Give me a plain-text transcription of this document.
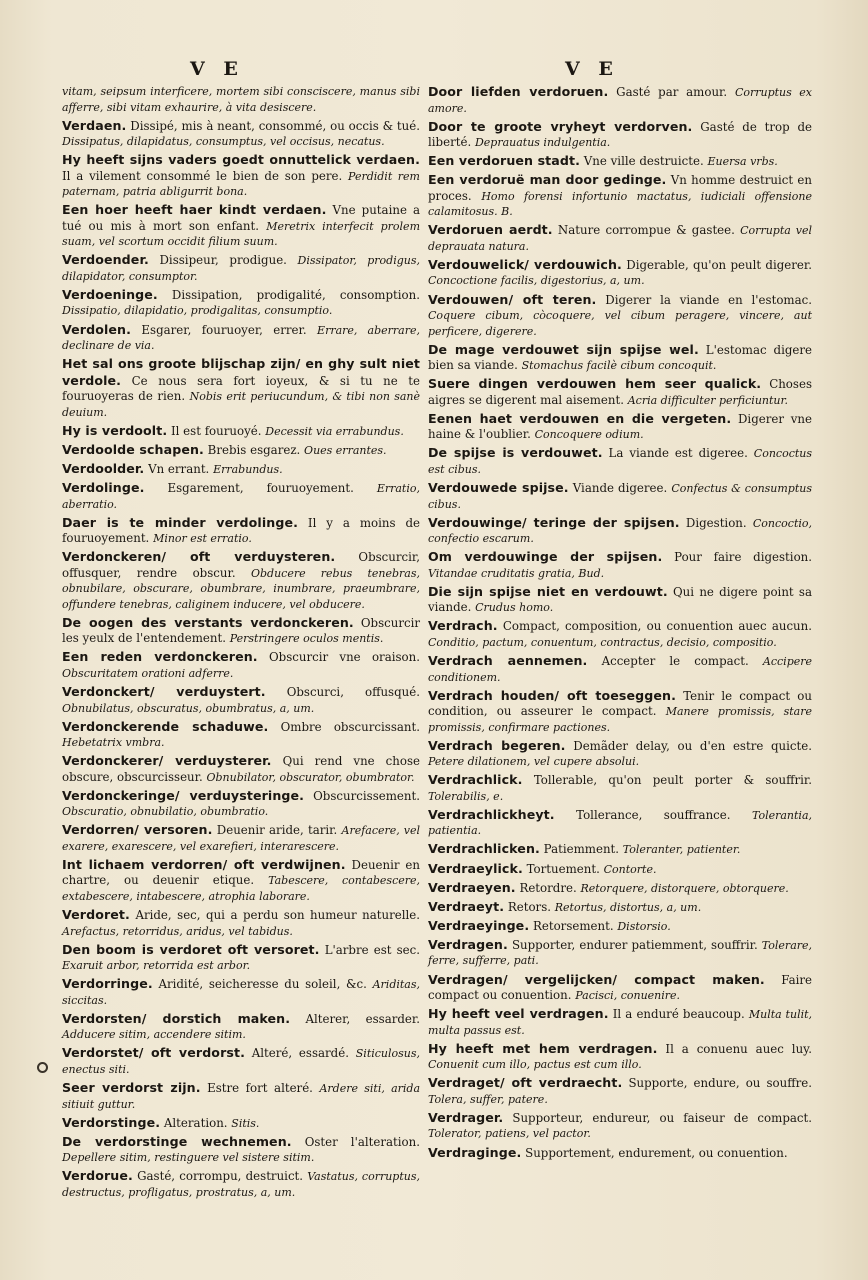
V E	V E
vitam, seipsum interficere, mortem sibi consciscere, manus sibi afferre, sibi vitam exhaurire, à vita desiscere.
Verdaen. Dissipé, mis à neant, consommé, ou occis & tué. Dissipatus, dilapidatus, consumptus, vel occisus, necatus.
Hy heeft sijns vaders goedt onnuttelick verdaen. Il a vilement consommé le bien de son pere. Perdidit rem paternam, patria abligurrit bona.
Een hoer heeft haer kindt verdaen. Vne putaine a tué ou mis à mort son enfant. Meretrix interfecit prolem suam, vel scortum occidit filium suum.
Verdoender. Dissipeur, prodigue. Dissipator, prodigus, dilapidator, consumptor.
Verdoeninge. Dissipation, prodigalité, consomption. Dissipatio, dilapidatio, prodigalitas, consumptio.
Verdolen. Esgarer, fouruoyer, errer. Errare, aberrare, declinare de via.
Het sal ons groote blijschap zijn/ en ghy sult niet verdole. Ce nous sera fort ioyeux, & si tu ne te fouruoyeras de rien. Nobis erit periucundum, & tibi non sanè deuium.
Hy is verdoolt. Il est fouruoyé. Decessit via errabundus.
Verdoolde schapen. Brebis esgarez. Oues errantes.
Verdoolder. Vn errant. Errabundus.
Verdolinge. Esgarement, fouruoyement. Erratio, aberratio.
Daer is te minder verdolinge. Il y a moins de fouruoyement. Minor est erratio.
Verdonckeren/ oft verduysteren. Obscurcir, offusquer, rendre obscur. Obducere rebus tenebras, obnubilare, obscurare, obumbrare, inumbrare, praeumbrare, offundere tenebras, caliginem inducere, vel obducere.
De oogen des verstants verdonckeren. Obscurcir les yeulx de l'entendement. Perstringere oculos mentis.
Een reden verdonckeren. Obscurcir vne oraison. Obscuritatem orationi adferre.
Verdonckert/ verduystert. Obscurci, offusqué. Obnubilatus, obscuratus, obumbratus, a, um.
Verdonckerende schaduwe. Ombre obscurcissant. Hebetatrix vmbra.
Verdonckerer/ verduysterer. Qui rend vne chose obscure, obscurcisseur. Obnubilator, obscurator, obumbrator.
Verdonckeringe/ verduysteringe. Obscurcissement. Obscuratio, obnubilatio, obumbratio.
Verdorren/ versoren. Deuenir aride, tarir. Arefacere, vel exarere, exarescere, vel exarefieri, interarescere.
Int lichaem verdorren/ oft verdwijnen. Deuenir en chartre, ou deuenir etique. Tabescere, contabescere, extabescere, intabescere, atrophia laborare.
Verdoret. Aride, sec, qui a perdu son humeur naturelle. Arefactus, retorridus, aridus, vel tabidus.
Den boom is verdoret oft versoret. L'arbre est sec. Exaruit arbor, retorrida est arbor.
Verdorringe. Aridité, seicheresse du soleil, &c. Ariditas, siccitas.
Verdorsten/ dorstich maken. Alterer, essarder. Adducere sitim, accendere sitim.
Verdorstet/ oft verdorst. Alteré, essardé. Siticulosus, enectus siti.
Seer verdorst zijn. Estre fort alteré. Ardere siti, arida sitiuit guttur.
Verdorstinge. Alteration. Sitis.
De verdorstinge wechnemen. Oster l'alteration. Depellere sitim, restinguere vel sistere sitim.
Verdorue. Gasté, corrompu, destruict. Vastatus, corruptus, destructus, profligatus, prostratus, a, um.
Door liefden verdoruen. Gasté par amour. Corruptus ex amore.
Door te groote vryheyt verdorven. Gasté de trop de liberté. Deprauatus indulgentia.
Een verdoruen stadt. Vne ville destruicte. Euersa vrbs.
Een verdoruë man door gedinge. Vn homme destruict en proces. Homo forensi infortunio mactatus, iudiciali offensione calamitosus. B.
Verdoruen aerdt. Nature corrompue & gastee. Corrupta vel deprauata natura.
Verdouwelick/ verdouwich. Digerable, qu'on peult digerer. Concoctione facilis, digestorius, a, um.
Verdouwen/ oft teren. Digerer la viande en l'estomac. Coquere cibum, còcoquere, vel cibum peragere, vincere, aut perficere, digerere.
De mage verdouwet sijn spijse wel. L'estomac digere bien sa viande. Stomachus facilè cibum concoquit.
Suere dingen verdouwen hem seer qualick. Choses aigres se digerent mal aisement. Acria difficulter perficiuntur.
Eenen haet verdouwen en die vergeten. Digerer vne haine & l'oublier. Concoquere odium.
De spijse is verdouwet. La viande est digeree. Concoctus est cibus.
Verdouwede spijse. Viande digeree. Confectus & consumptus cibus.
Verdouwinge/ teringe der spijsen. Digestion. Concoctio, confectio escarum.
Om verdouwinge der spijsen. Pour faire digestion. Vitandae cruditatis gratia, Bud.
Die sijn spijse niet en verdouwt. Qui ne digere point sa viande. Crudus homo.
Verdrach. Compact, composition, ou conuention auec aucun. Conditio, pactum, conuentum, contractus, decisio, compositio.
Verdrach aennemen. Accepter le compact. Accipere conditionem.
Verdrach houden/ oft toeseggen. Tenir le compact ou condition, ou asseurer le compact. Manere promissis, stare promissis, confirmare pactiones.
Verdrach begeren. Demãder delay, ou d'en estre quicte. Petere dilationem, vel cupere absolui.
Verdrachlick. Tollerable, qu'on peult porter & souffrir. Tolerabilis, e.
Verdrachlickheyt. Tollerance, souffrance. Tolerantia, patientia.
Verdrachlicken. Patiemment. Toleranter, patienter.
Verdraeylick. Tortuement. Contorte.
Verdraeyen. Retordre. Retorquere, distorquere, obtorquere.
Verdraeyt. Retors. Retortus, distortus, a, um.
Verdraeyinge. Retorsement. Distorsio.
Verdragen. Supporter, endurer patiemment, souffrir. Tolerare, ferre, sufferre, pati.
Verdragen/ vergelijcken/ compact maken. Faire compact ou conuention. Pacisci, conuenire.
Hy heeft veel verdragen. Il a enduré beaucoup. Multa tulit, multa passus est.
Hy heeft met hem verdragen. Il a conuenu auec luy. Conuenit cum illo, pactus est cum illo.
Verdraget/ oft verdraecht. Supporte, endure, ou souffre. Tolera, suffer, patere.
Verdrager. Supporteur, endureur, ou faiseur de compact. Tolerator, patiens, vel pactor.
Verdraginge. Supportement, endurement, ou conuention.
